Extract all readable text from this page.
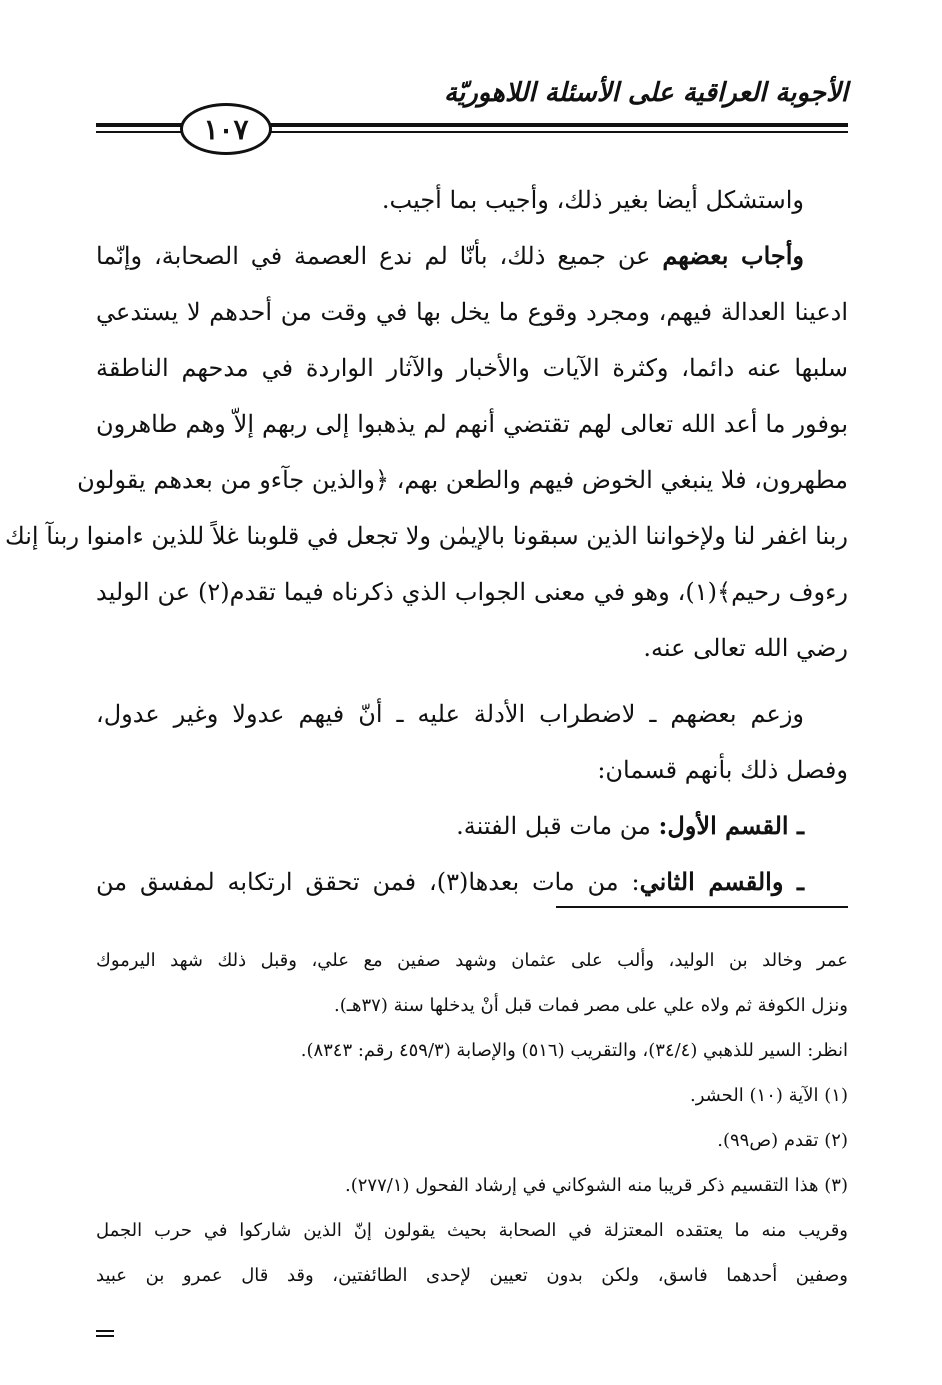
الأجوبة العراقية على الأسئلة اللاهوريّة
١٠٧
واستشكل أيضا بغير ذلك، وأجيب بما أجيب.
وأجاب بعضهم عن جميع ذلك، بأنّا لم ندع العصمة في الصحابة، وإنّما
ادعينا العدالة فيهم، ومجرد وقوع ما يخل بها في وقت من أحدهم لا يستدعي
سلبها عنه دائما، وكثرة الآيات والأخبار والآثار الواردة في مدحهم الناطقة
بوفور ما أعد الله تعالى لهم تقتضي أنهم لم يذهبوا إلى ربهم إلاّ وهم طاهرون
مطهرون، فلا ينبغي الخوض فيهم والطعن بهم، ﴿والذين جآءو من بعدهم يقولون
ربنا اغفر لنا ولإخواننا الذين سبقونا بالإيمٰن ولا تجعل في قلوبنا غلاً للذين ءامنوا ربنآ إنك
رءوف رحيم﴾(١)، وهو في معنى الجواب الذي ذكرناه فيما تقدم(٢) عن الوليد
رضي الله تعالى عنه.
وزعم بعضهم ـ لاضطراب الأدلة عليه ـ أنّ فيهم عدولا وغير عدول،
وفصل ذلك بأنهم قسمان:
ـ القسم الأول: من مات قبل الفتنة.
ـ والقسم الثاني: من مات بعدها(٣)، فمن تحقق ارتكابه لمفسق من
عمر وخالد بن الوليد، وألب على عثمان وشهد صفين مع علي، وقبل ذلك شهد اليرموك
ونزل الكوفة ثم ولاه علي على مصر فمات قبل أنْ يدخلها سنة (٣٧هـ).
انظر: السير للذهبي (٣٤/٤)، والتقريب (٥١٦) والإصابة (٤٥٩/٣ رقم: ٨٣٤٣).
(١) الآية (١٠) الحشر.
(٢) تقدم (ص٩٩).
(٣) هذا التقسيم ذكر قريبا منه الشوكاني في إرشاد الفحول (٢٧٧/١).
وقريب منه ما يعتقده المعتزلة في الصحابة بحيث يقولون إنّ الذين شاركوا في حرب الجمل
وصفين أحدهما فاسق، ولكن بدون تعيين لإحدى الطائفتين، وقد قال عمرو بن عبيد
